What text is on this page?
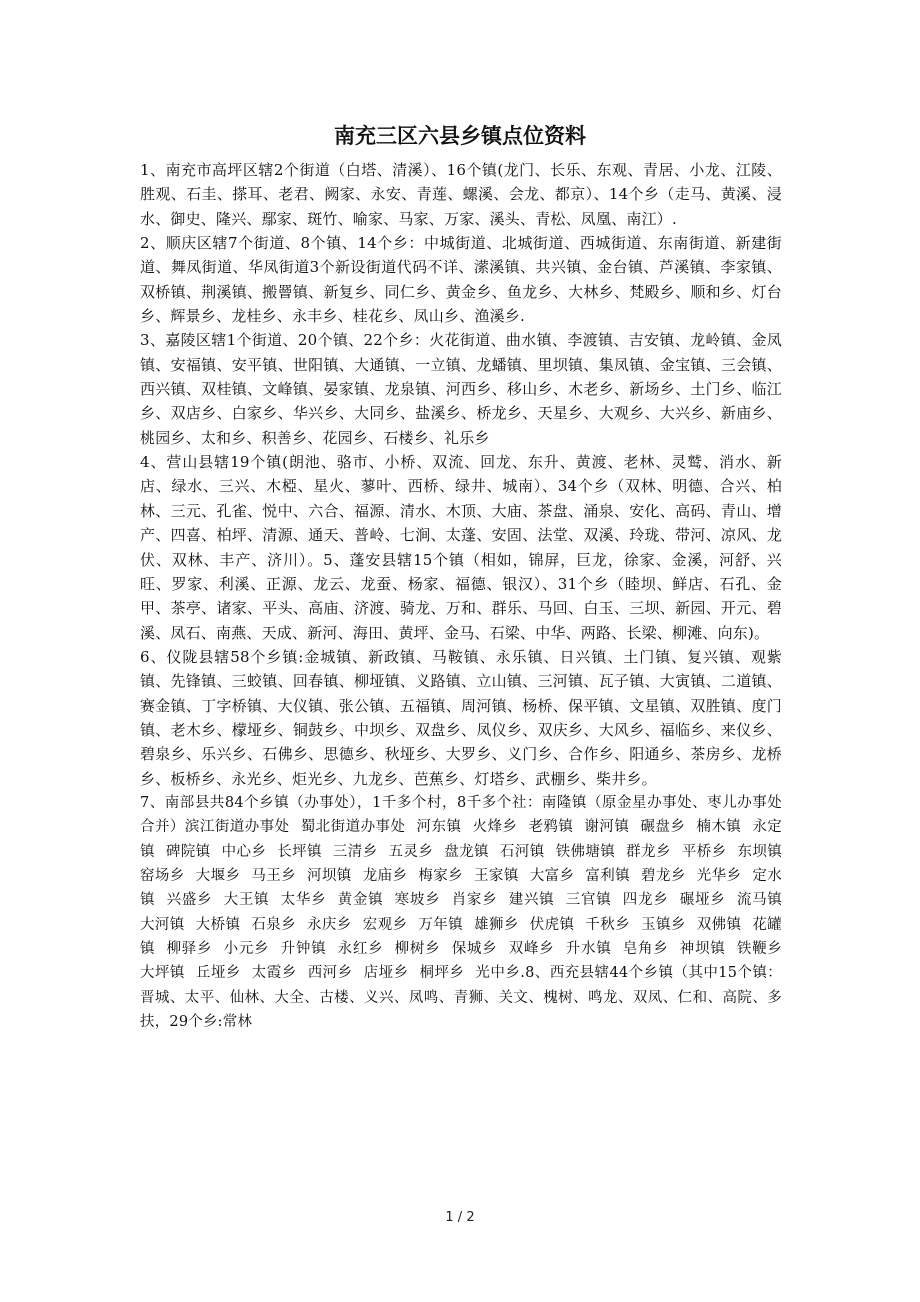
南充三区六县乡镇点位资料

1、南充市高坪区辖2个街道（白塔、清溪）、16个镇(龙门、长乐、东观、青居、小龙、江陵、胜观、石圭、搽耳、老君、阙家、永安、青莲、螺溪、会龙、都京）、14个乡（走马、黄溪、浸水、御史、隆兴、鄢家、斑竹、喻家、马家、万家、溪头、青松、凤凰、南江）.

2、顺庆区辖7个街道、8个镇、14个乡：中城街道、北城街道、西城街道、东南街道、新建街道、舞凤街道、华凤街道3个新设街道代码不详、潆溪镇、共兴镇、金台镇、芦溪镇、李家镇、双桥镇、荆溪镇、搬罾镇、新复乡、同仁乡、黄金乡、鱼龙乡、大林乡、梵殿乡、顺和乡、灯台乡、辉景乡、龙桂乡、永丰乡、桂花乡、凤山乡、渔溪乡.

3、嘉陵区辖1个街道、20个镇、22个乡：火花街道、曲水镇、李渡镇、吉安镇、龙岭镇、金凤镇、安福镇、安平镇、世阳镇、大通镇、一立镇、龙蟠镇、里坝镇、集凤镇、金宝镇、三会镇、西兴镇、双桂镇、文峰镇、晏家镇、龙泉镇、河西乡、移山乡、木老乡、新场乡、土门乡、临江乡、双店乡、白家乡、华兴乡、大同乡、盐溪乡、桥龙乡、天星乡、大观乡、大兴乡、新庙乡、桃园乡、太和乡、积善乡、花园乡、石楼乡、礼乐乡

4、营山县辖19个镇(朗池、骆市、小桥、双流、回龙、东升、黄渡、老林、灵鹫、消水、新店、绿水、三兴、木椏、星火、蓼叶、西桥、绿井、城南）、34个乡（双林、明德、合兴、柏林、三元、孔雀、悦中、六合、福源、清水、木顶、大庙、茶盘、涌泉、安化、高码、青山、增产、四喜、柏坪、清源、通天、普岭、七涧、太蓬、安固、法堂、双溪、玲珑、带河、凉风、龙伏、双林、丰产、济川）。5、蓬安县辖15个镇（相如，锦屏，巨龙，徐家、金溪，河舒、兴旺、罗家、利溪、正源、龙云、龙蚕、杨家、福德、银汉）、31个乡（睦坝、鲜店、石孔、金甲、茶亭、诸家、平头、高庙、济渡、骑龙、万和、群乐、马回、白玉、三坝、新园、开元、碧溪、凤石、南燕、天成、新河、海田、黄坪、金马、石梁、中华、两路、长梁、柳滩、向东)。

6、仪陇县辖58个乡镇:金城镇、新政镇、马鞍镇、永乐镇、日兴镇、土门镇、复兴镇、观紫镇、先锋镇、三蛟镇、回春镇、柳垭镇、义路镇、立山镇、三河镇、瓦子镇、大寅镇、二道镇、赛金镇、丁字桥镇、大仪镇、张公镇、五福镇、周河镇、杨桥、保平镇、文星镇、双胜镇、度门镇、老木乡、檬垭乡、铜鼓乡、中坝乡、双盘乡、凤仪乡、双庆乡、大风乡、福临乡、来仪乡、碧泉乡、乐兴乡、石佛乡、思德乡、秋垭乡、大罗乡、义门乡、合作乡、阳通乡、茶房乡、龙桥乡、板桥乡、永光乡、炬光乡、九龙乡、芭蕉乡、灯塔乡、武棚乡、柴井乡。

7、南部县共84个乡镇（办事处），1千多个村，8千多个社：南隆镇（原金星办事处、枣儿办事处合并）滨江街道办事处 蜀北街道办事处 河东镇 火烽乡 老鸦镇 谢河镇 碾盘乡 楠木镇 永定镇 碑院镇 中心乡 长坪镇 三清乡 五灵乡 盘龙镇 石河镇 铁佛塘镇 群龙乡 平桥乡 东坝镇 窑场乡 大堰乡 马王乡 河坝镇 龙庙乡 梅家乡 王家镇 大富乡 富利镇 碧龙乡 光华乡 定水镇 兴盛乡 大王镇 太华乡 黄金镇 寒坡乡 肖家乡 建兴镇 三官镇 四龙乡 碾垭乡 流马镇 大河镇 大桥镇 石泉乡 永庆乡 宏观乡 万年镇 雄狮乡 伏虎镇 千秋乡 玉镇乡 双佛镇 花罐镇 柳驿乡 小元乡 升钟镇 永红乡 柳树乡 保城乡 双峰乡 升水镇 皂角乡 神坝镇 铁鞭乡 大坪镇 丘垭乡 太霞乡 西河乡 店垭乡 桐坪乡 光中乡.8、西充县辖44个乡镇（其中15个镇：晋城、太平、仙林、大全、古楼、义兴、凤鸣、青狮、关文、槐树、鸣龙、双凤、仁和、高院、多扶，29个乡:常林

1 / 2
